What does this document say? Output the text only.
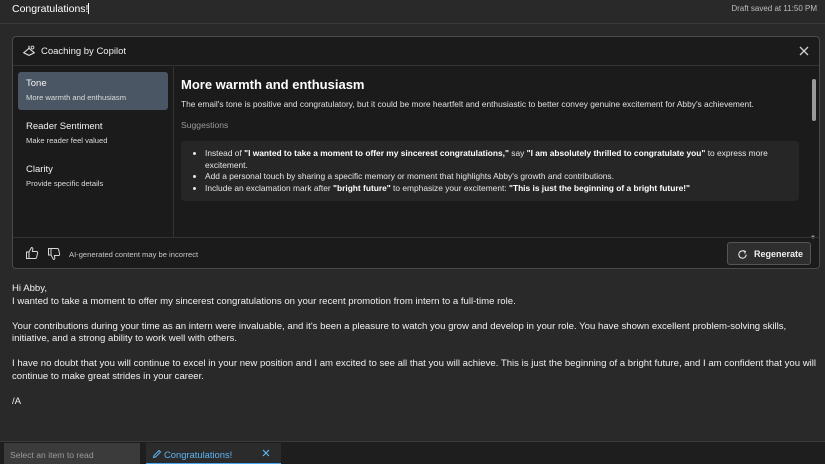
Congratulations!	Draft saved at 11:50 PM
Coaching by Copilot
Tone
More warmth and enthusiasm
Reader Sentiment
Make reader feel valued
Clarity
Provide specific details
More warmth and enthusiasm
The email's tone is positive and congratulatory, but it could be more heartfelt and enthusiastic to better convey genuine excitement for Abby's achievement.
Suggestions
• Instead of "I wanted to take a moment to offer my sincerest congratulations," say "I am absolutely thrilled to congratulate you" to express more excitement.
• Add a personal touch by sharing a specific memory or moment that highlights Abby's growth and contributions.
• Include an exclamation mark after "bright future" to emphasize your excitement: "This is just the beginning of a bright future!"
▼
AI-generated content may be incorrect	Regenerate

Hi Abby,

I wanted to take a moment to offer my sincerest congratulations on your recent promotion from intern to a full-time role.

Your contributions during your time as an intern were invaluable, and it's been a pleasure to watch you grow and develop in your role. You have shown excellent problem-solving skills, initiative, and a strong ability to work well with others.

I have no doubt that you will continue to excel in your new position and I am excited to see all that you will achieve. This is just the beginning of a bright future, and I am confident that you will continue to make great strides in your career.

/A

Select an item to read	Congratulations!
